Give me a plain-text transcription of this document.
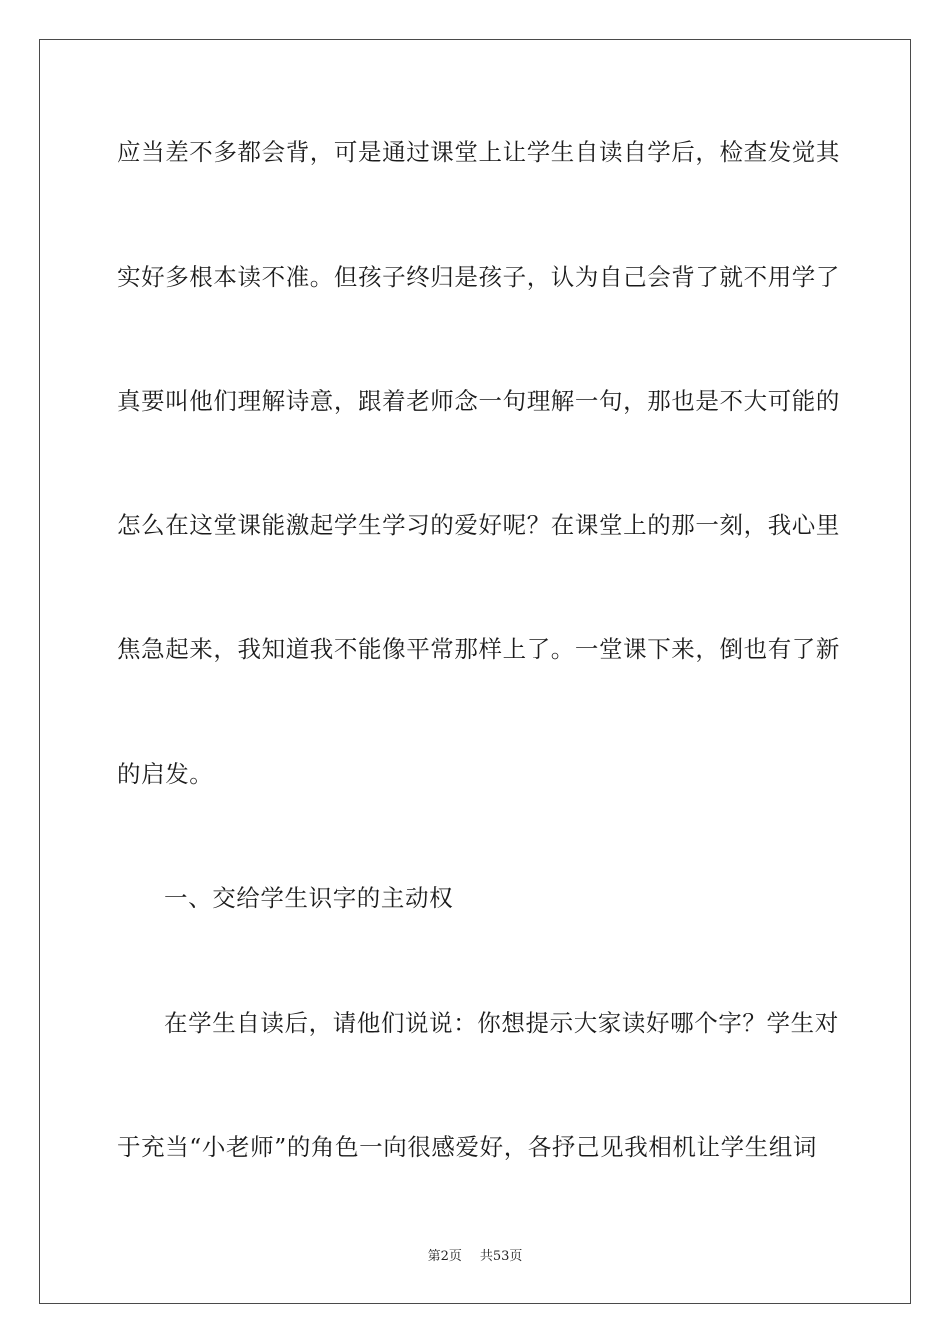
应当差不多都会背，可是通过课堂上让学生自读自学后，检查发觉其
实好多根本读不准。但孩子终归是孩子，认为自己会背了就不用学了
真要叫他们理解诗意，跟着老师念一句理解一句，那也是不大可能的
怎么在这堂课能激起学生学习的爱好呢？在课堂上的那一刻，我心里
焦急起来，我知道我不能像平常那样上了。一堂课下来，倒也有了新
的启发。
一、交给学生识字的主动权
在学生自读后，请他们说说：你想提示大家读好哪个字？学生对
于充当“小老师”的角色一向很感爱好，各抒己见我相机让学生组词
第2页 共53页
